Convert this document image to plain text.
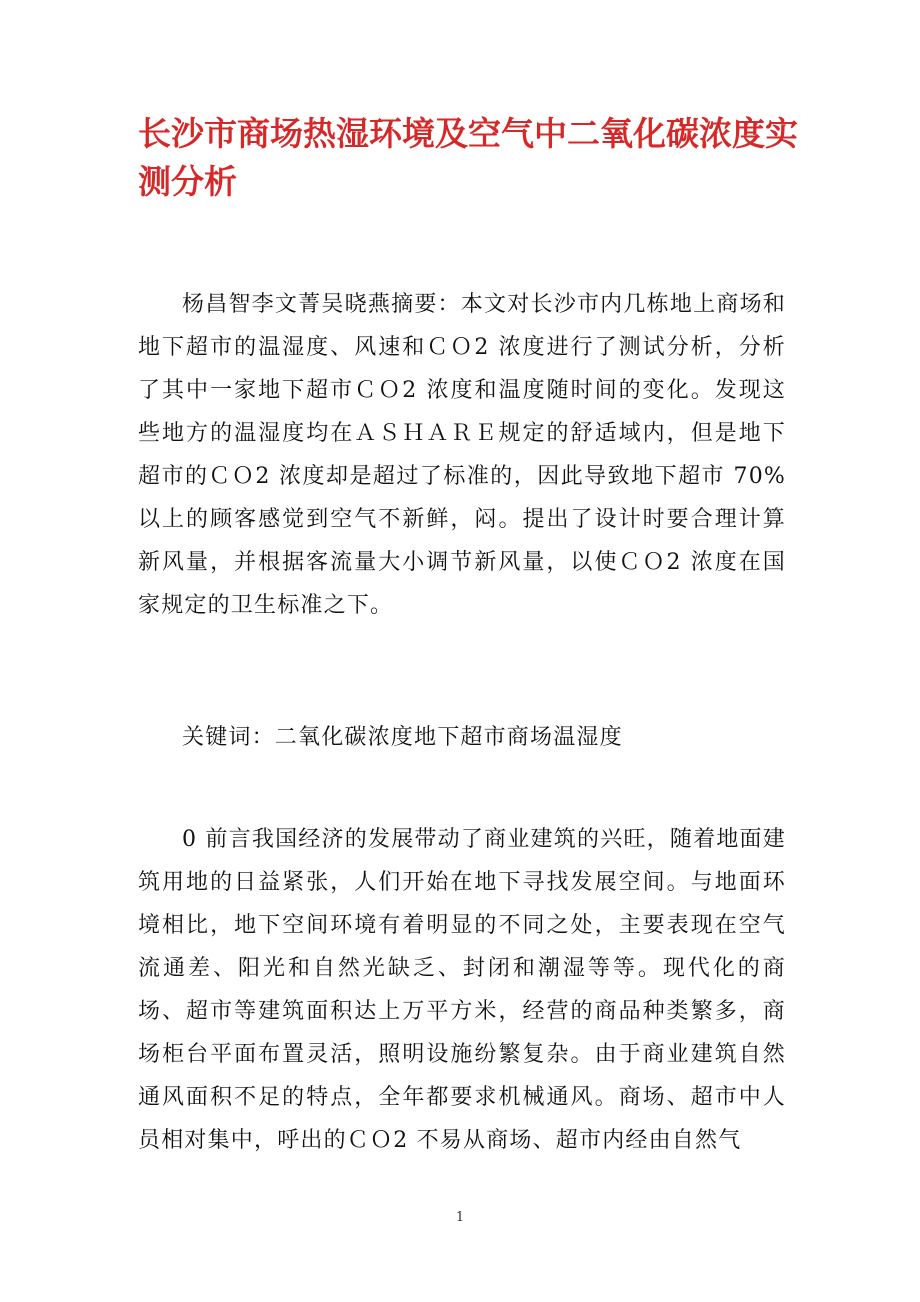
长沙市商场热湿环境及空气中二氧化碳浓度实测分析

杨昌智李文菁吴晓燕摘要：本文对长沙市内几栋地上商场和地下超市的温湿度、风速和ＣＯ2 浓度进行了测试分析，分析了其中一家地下超市ＣＯ2 浓度和温度随时间的变化。发现这些地方的温湿度均在ＡＳＨＡＲＥ规定的舒适域内，但是地下超市的ＣＯ2 浓度却是超过了标准的，因此导致地下超市 70%以上的顾客感觉到空气不新鲜，闷。提出了设计时要合理计算新风量，并根据客流量大小调节新风量，以使ＣＯ2 浓度在国家规定的卫生标准之下。

关键词：二氧化碳浓度地下超市商场温湿度

0 前言我国经济的发展带动了商业建筑的兴旺，随着地面建筑用地的日益紧张，人们开始在地下寻找发展空间。与地面环境相比，地下空间环境有着明显的不同之处，主要表现在空气流通差、阳光和自然光缺乏、封闭和潮湿等等。现代化的商场、超市等建筑面积达上万平方米，经营的商品种类繁多，商场柜台平面布置灵活，照明设施纷繁复杂。由于商业建筑自然通风面积不足的特点，全年都要求机械通风。商场、超市中人员相对集中，呼出的ＣＯ2 不易从商场、超市内经由自然气

1
